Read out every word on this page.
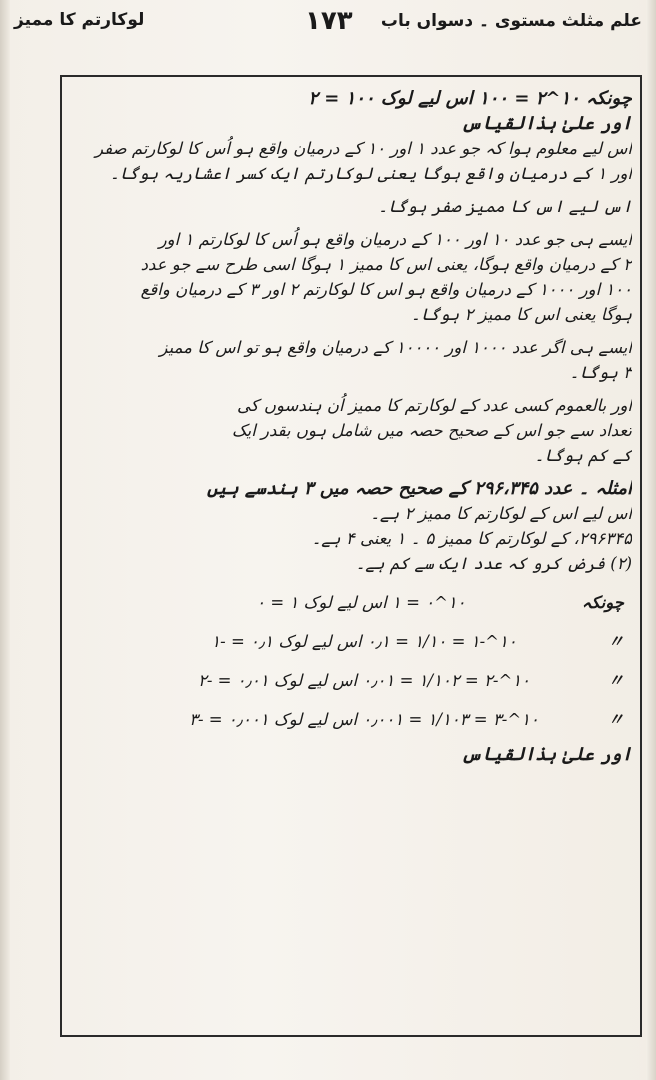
لوکارتم کا ممیز	۱۷۳ علم مثلث مستوی ۔ دسواں باب
چونکہ ۱۰^۲ = ۱۰۰ اس لیے لوک ۱۰۰ = ۲
اور علیٰ ہذالقیاس
اس لیے معلوم ہوا کہ جو عدد ۱ اور ۱۰ کے درمیان واقع ہو اُس کا لوکارتم صفر
اور ۱ کے درمیان واقع ہوگا یعنی لوکارتم ایک کسر اعشاریہ ہوگا۔
اس لیے اس کا ممیز صفر ہوگا۔
ایسے ہی جو عدد ۱۰ اور ۱۰۰ کے درمیان واقع ہو اُس کا لوکارتم ۱ اور
۲ کے درمیان واقع ہوگا، یعنی اس کا ممیز ۱ ہوگا اسی طرح سے جو عدد
۱۰۰ اور ۱۰۰۰ کے درمیان واقع ہو اس کا لوکارتم ۲ اور ۳ کے درمیان واقع
ہوگا یعنی اس کا ممیز ۲ ہوگا۔
ایسے ہی اگر عدد ۱۰۰۰ اور ۱۰۰۰۰ کے درمیان واقع ہو تو اس کا ممیز
۳ ہوگا۔
اور بالعموم کسی عدد کے لوکارتم کا ممیز اُن ہندسوں کی
تعداد سے جو اس کے صحیح حصہ میں شامل ہوں بقدر ایک
کے کم ہوگا۔
امثلہ ۔ عدد ۲۹۶،۳۴۵ کے صحیح حصہ میں ۳ ہندسے ہیں
اس لیے اس کے لوکارتم کا ممیز ۲ ہے۔
۲۹۶۳۴۵، کے لوکارتم کا ممیز ۵ ۔ ۱ یعنی ۴ ہے۔
(۲) فرض کرو کہ عدد ایک سے کم ہے۔
چونکہ
۱۰^۰ = ۱ اس لیے لوک ۱ = ۰
〃
۱۰^-۱ = ۱/۱۰ = ۰٫۱ اس لیے لوک ۰٫۱ = -۱
〃
۱۰^-۲ = ۱/۱۰۲ = ۰٫۰۱ اس لیے لوک ۰٫۰۱ = -۲
〃
۱۰^-۳ = ۱/۱۰۳ = ۰٫۰۰۱ اس لیے لوک ۰٫۰۰۱ = -۳
اور علیٰ ہذالقیاس
